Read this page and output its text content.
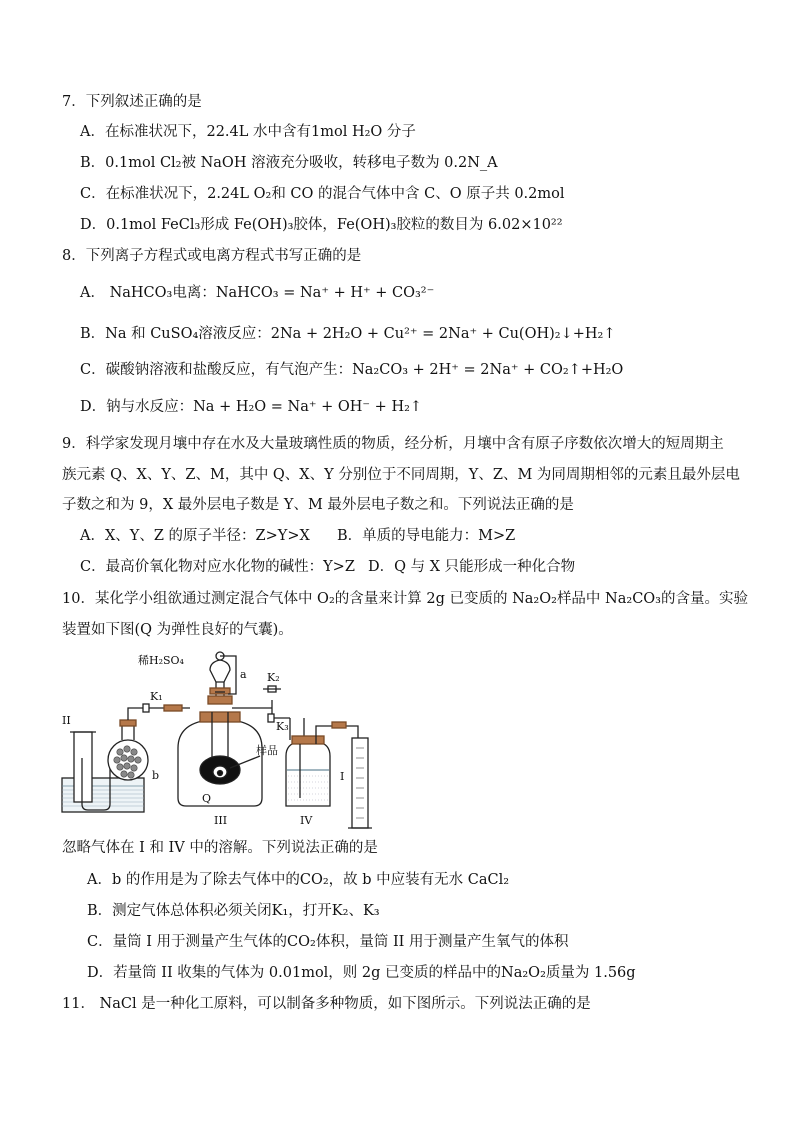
7．下列叙述正确的是
A．在标准状况下，22.4L 水中含有1mol H₂O 分子
B．0.1mol Cl₂被 NaOH 溶液充分吸收，转移电子数为 0.2N_A
C．在标准状况下，2.24L O₂和 CO 的混合气体中含 C、O 原子共 0.2mol
D．0.1mol FeCl₃形成 Fe(OH)₃胶体，Fe(OH)₃胶粒的数目为 6.02×10²²
8．下列离子方程式或电离方程式书写正确的是
A． NaHCO₃电离：NaHCO₃ = Na⁺ + H⁺ + CO₃²⁻
B．Na 和 CuSO₄溶液反应：2Na + 2H₂O + Cu²⁺ = 2Na⁺ + Cu(OH)₂↓+H₂↑
C．碳酸钠溶液和盐酸反应，有气泡产生：Na₂CO₃ + 2H⁺ = 2Na⁺ + CO₂↑+H₂O
D．钠与水反应：Na + H₂O = Na⁺ + OH⁻ + H₂↑
9．科学家发现月壤中存在水及大量玻璃性质的物质，经分析，月壤中含有原子序数依次增大的短周期主
族元素 Q、X、Y、Z、M，其中 Q、X、Y 分别位于不同周期，Y、Z、M 为同周期相邻的元素且最外层电
子数之和为 9，X 最外层电子数是 Y、M 最外层电子数之和。下列说法正确的是
A．X、Y、Z 的原子半径：Z>Y>X B．单质的导电能力：M>Z
C．最高价氧化物对应水化物的碱性：Y>Z D．Q 与 X 只能形成一种化合物
10．某化学小组欲通过测定混合气体中 O₂的含量来计算 2g 已变质的 Na₂O₂样品中 Na₂CO₃的含量。实验
装置如下图(Q 为弹性良好的气囊)。
稀H₂SO₄
a
b
K₁
K₂
K₃
样品
Q
II
III	IV
I
忽略气体在 I 和 IV 中的溶解。下列说法正确的是
A．b 的作用是为了除去气体中的CO₂，故 b 中应装有无水 CaCl₂
B．测定气体总体积必须关闭K₁，打开K₂、K₃
C．量筒 I 用于测量产生气体的CO₂体积，量筒 II 用于测量产生氧气的体积
D．若量筒 II 收集的气体为 0.01mol，则 2g 已变质的样品中的Na₂O₂质量为 1.56g
11． NaCl 是一种化工原料，可以制备多种物质，如下图所示。下列说法正确的是
